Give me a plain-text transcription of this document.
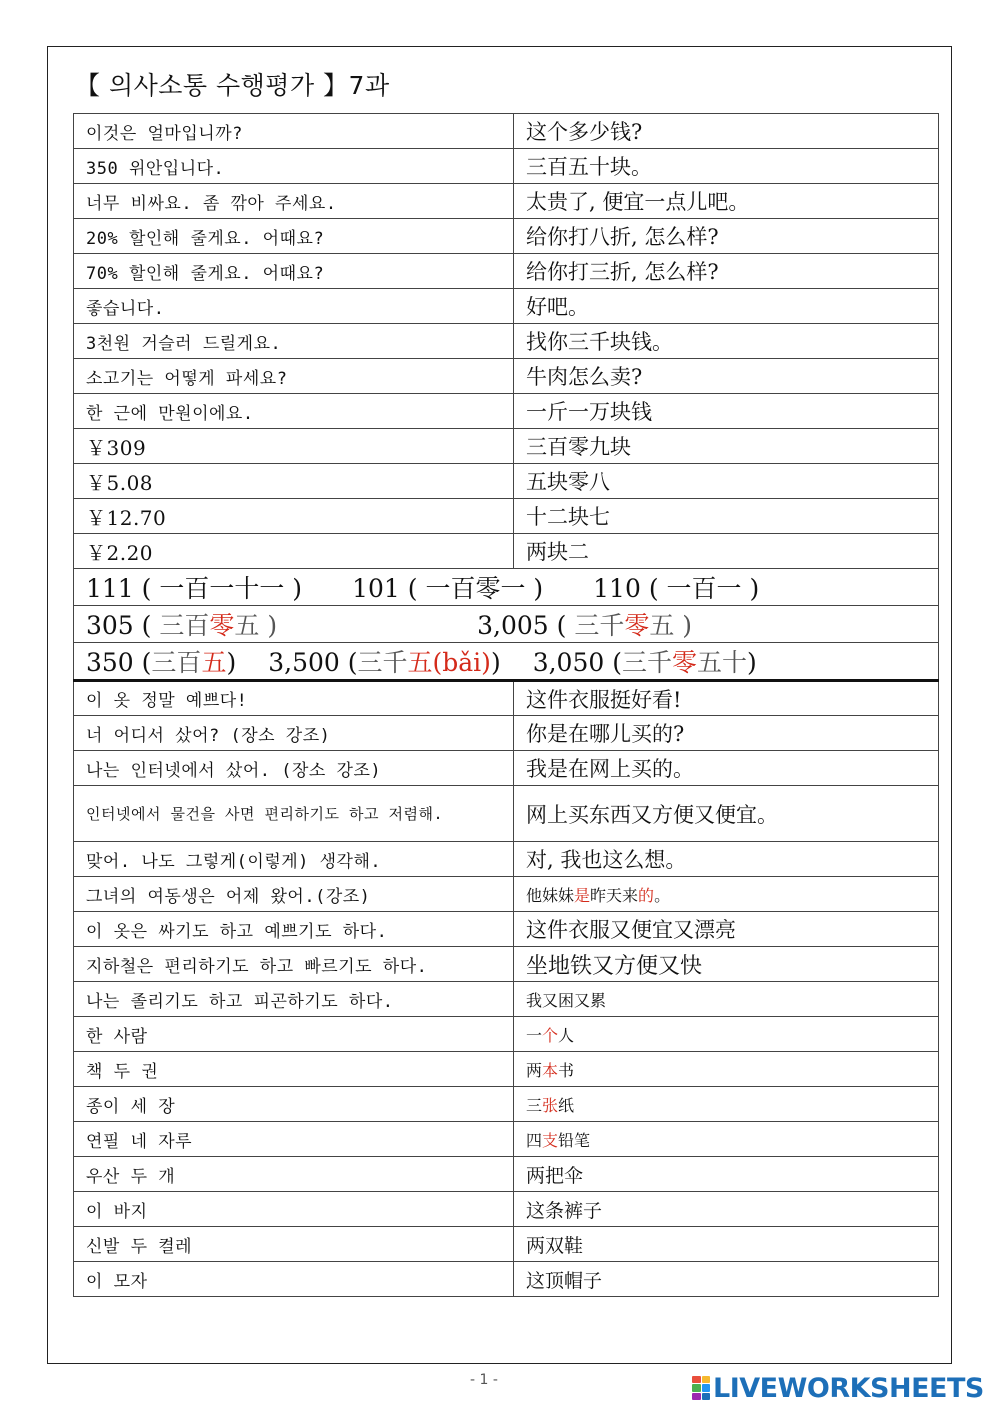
【 의사소통 수행평가 】7과
이것은 얼마입니까?	这个多少钱?
350 위안입니다.	三百五十块。
너무 비싸요. 좀 깎아 주세요.	太贵了, 便宜一点儿吧。
20% 할인해 줄게요. 어때요?	给你打八折, 怎么样?
70% 할인해 줄게요. 어때요?	给你打三折, 怎么样?
좋습니다.	好吧。
3천원 거슬러 드릴게요.	找你三千块钱。
소고기는 어떻게 파세요?	牛肉怎么卖?
한 근에 만원이에요.	一斤一万块钱
￥309	三百零九块
￥5.08	五块零八
￥12.70	十二块七
￥2.20	两块二
111 ( 一百一十一 ) 101 ( 一百零一 ) 110 ( 一百一 )	
305 ( 三百零五 ) 3,005 ( 三千零五 )	
350 (三百五) 3,500 (三千五(bǎi)) 3,050 (三千零五十)	
이 옷 정말 예쁘다!	这件衣服挺好看!
너 어디서 샀어? (장소 강조)	你是在哪儿买的?
나는 인터넷에서 샀어. (장소 강조)	我是在网上买的。
인터넷에서 물건을 사면 편리하기도 하고 저렴해.	网上买东西又方便又便宜。
맞어. 나도 그렇게(이렇게) 생각해.	对, 我也这么想。
그녀의 여동생은 어제 왔어.(강조)	他妹妹是昨天来的。
이 옷은 싸기도 하고 예쁘기도 하다.	这件衣服又便宜又漂亮
지하철은 편리하기도 하고 빠르기도 하다.	坐地铁又方便又快
나는 졸리기도 하고 피곤하기도 하다.	我又困又累
한 사람	一个人
책 두 권	两本书
종이 세 장	三张纸
연필 네 자루	四支铅笔
우산 두 개	两把伞
이 바지	这条裤子
신발 두 켤레	两双鞋
이 모자	这顶帽子
- 1 -	LIVEWORKSHEETS
